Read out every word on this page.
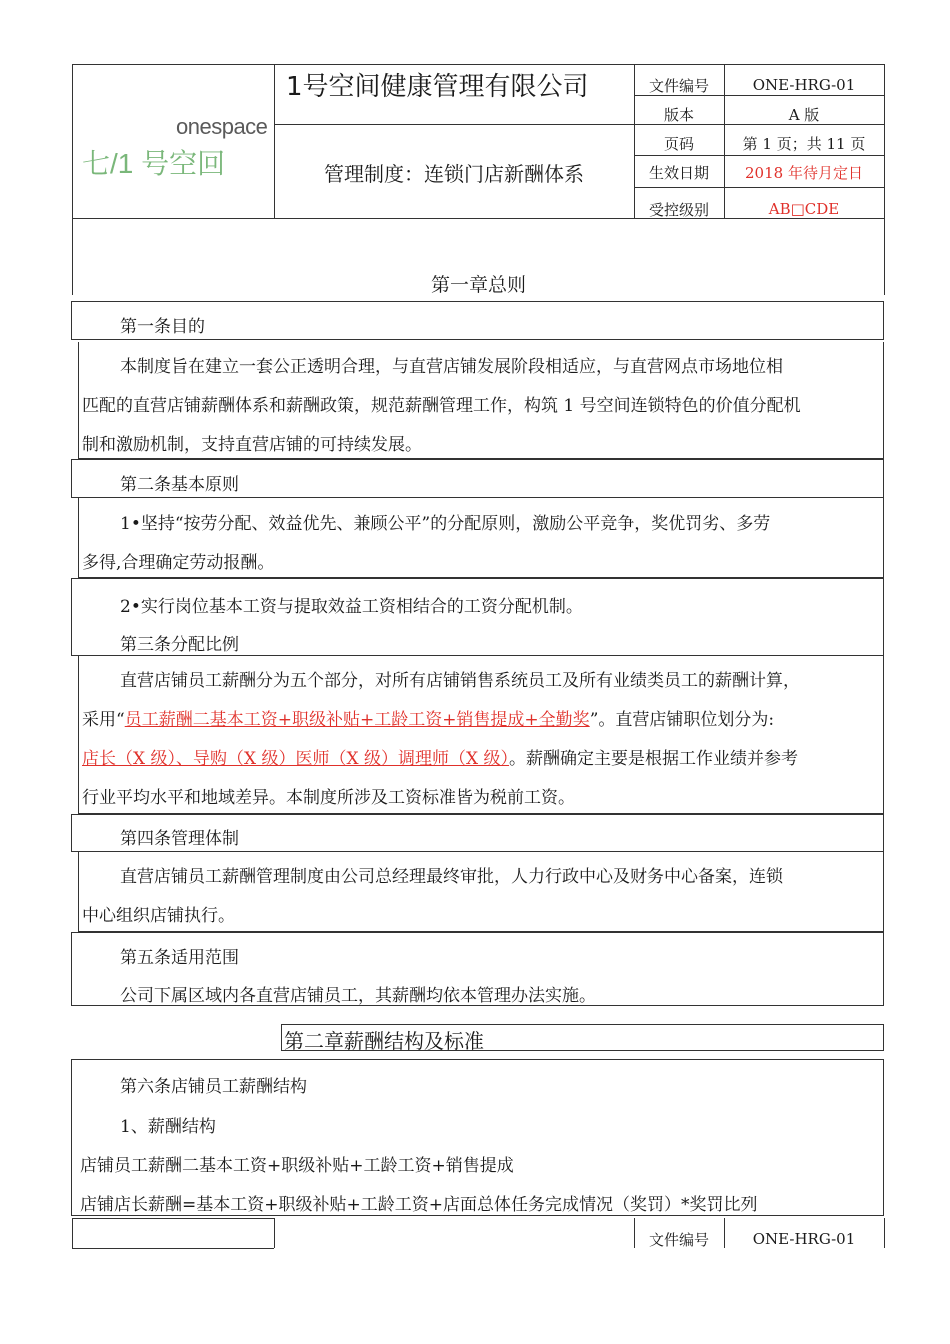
onespace
七/1 号空回
1号空间健康管理有限公司
管理制度：连锁门店新酬体系
文件编号	ONE-HRG-01
版本	A 版
页码	第 1 页；共 11 页
生效日期	2018 年待月定日
受控级别	AB□CDE
第一章总则
第一条目的

本制度旨在建立一套公正透明合理，与直营店铺发展阶段相适应，与直营网点市场地位相

匹配的直营店铺薪酬体系和薪酬政策，规范薪酬管理工作，构筑 1 号空间连锁特色的价值分配机

制和激励机制，支持直营店铺的可持续发展。

第二条基本原则

1•坚持“按劳分配、效益优先、兼顾公平”的分配原则，激励公平竞争，奖优罚劣、多劳

多得,合理确定劳动报酬。

2•实行岗位基本工资与提取效益工资相结合的工资分配机制。
第三条分配比例

直营店铺员工薪酬分为五个部分，对所有店铺销售系统员工及所有业绩类员工的薪酬计算，

采用“员工薪酬二基本工资+职级补贴+工龄工资+销售提成+全勤奖”。直营店铺职位划分为:

店长（X 级）、导购（X 级）医师（X 级）调理师（X 级）。薪酬确定主要是根据工作业绩并参考

行业平均水平和地域差异。本制度所涉及工资标准皆为税前工资。

第四条管理体制

直营店铺员工薪酬管理制度由公司总经理最终审批，人力行政中心及财务中心备案，连锁

中心组织店铺执行。

第五条适用范围
公司下属区域内各直营店铺员工，其薪酬均依本管理办法实施。
第二章薪酬结构及标准
第六条店铺员工薪酬结构
1、薪酬结构
店铺员工薪酬二基本工资+职级补贴+工龄工资+销售提成
店铺店长薪酬=基本工资+职级补贴+工龄工资+店面总体任务完成情况（奖罚）*奖罚比列
文件编号	ONE-HRG-01
